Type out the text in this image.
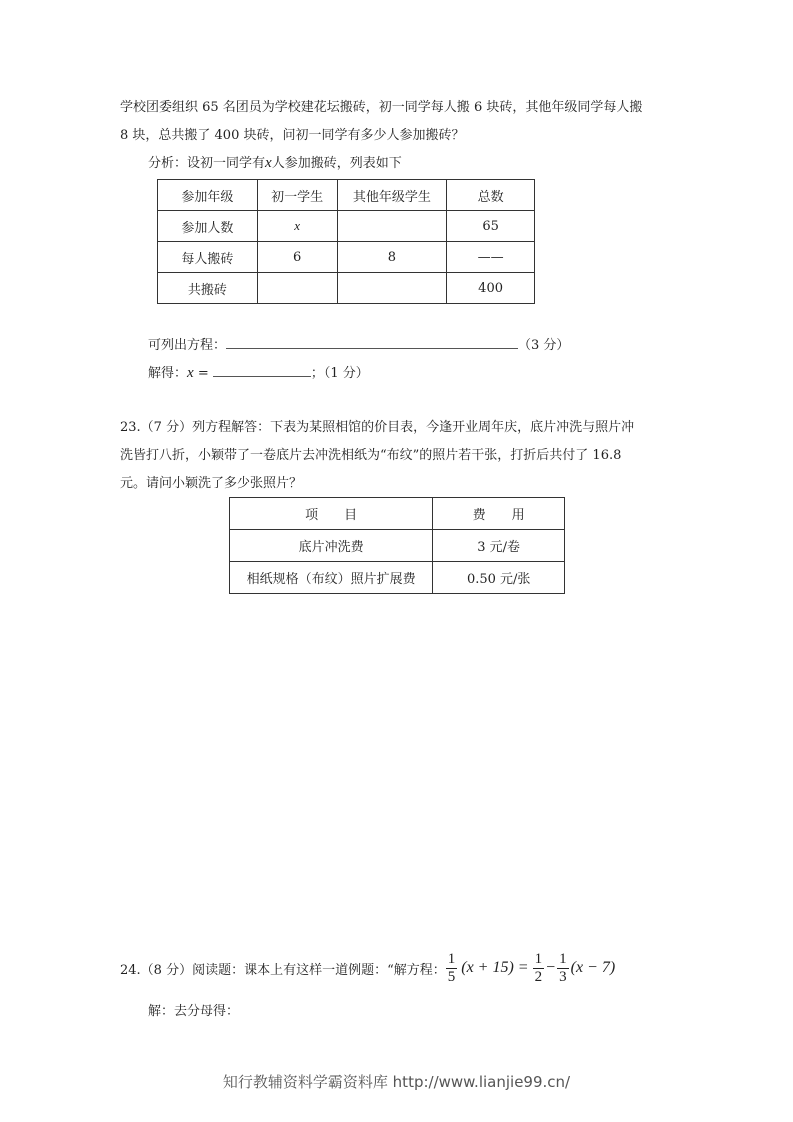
学校团委组织 65 名团员为学校建花坛搬砖，初一同学每人搬 6 块砖，其他年级同学每人搬
8 块，总共搬了 400 块砖，问初一同学有多少人参加搬砖？
分析：设初一同学有x人参加搬砖，列表如下
参加年级	初一学生	其他年级学生	总数
参加人数	x		65
每人搬砖	6	8	——
共搬砖			400
可列出方程：	（3 分）
解得：x =	；（1 分）
23.（7 分）列方程解答：下表为某照相馆的价目表，今逢开业周年庆，底片冲洗与照片冲
洗皆打八折，小颖带了一卷底片去冲洗相纸为“布纹”的照片若干张，打折后共付了 16.8
元。请问小颖洗了多少张照片？
项　　目	费　　用
底片冲洗费	3 元/卷
相纸规格（布纹）照片扩展费	0.50 元/张
24.（8 分）阅读题：课本上有这样一道例题：“解方程： $\frac{1}{5} (x + 15) = \frac{1}{2} - \frac{1}{3} (x - 7)$
解：去分母得：
知行教辅资料学霸资料库 http://www.lianjie99.cn/
